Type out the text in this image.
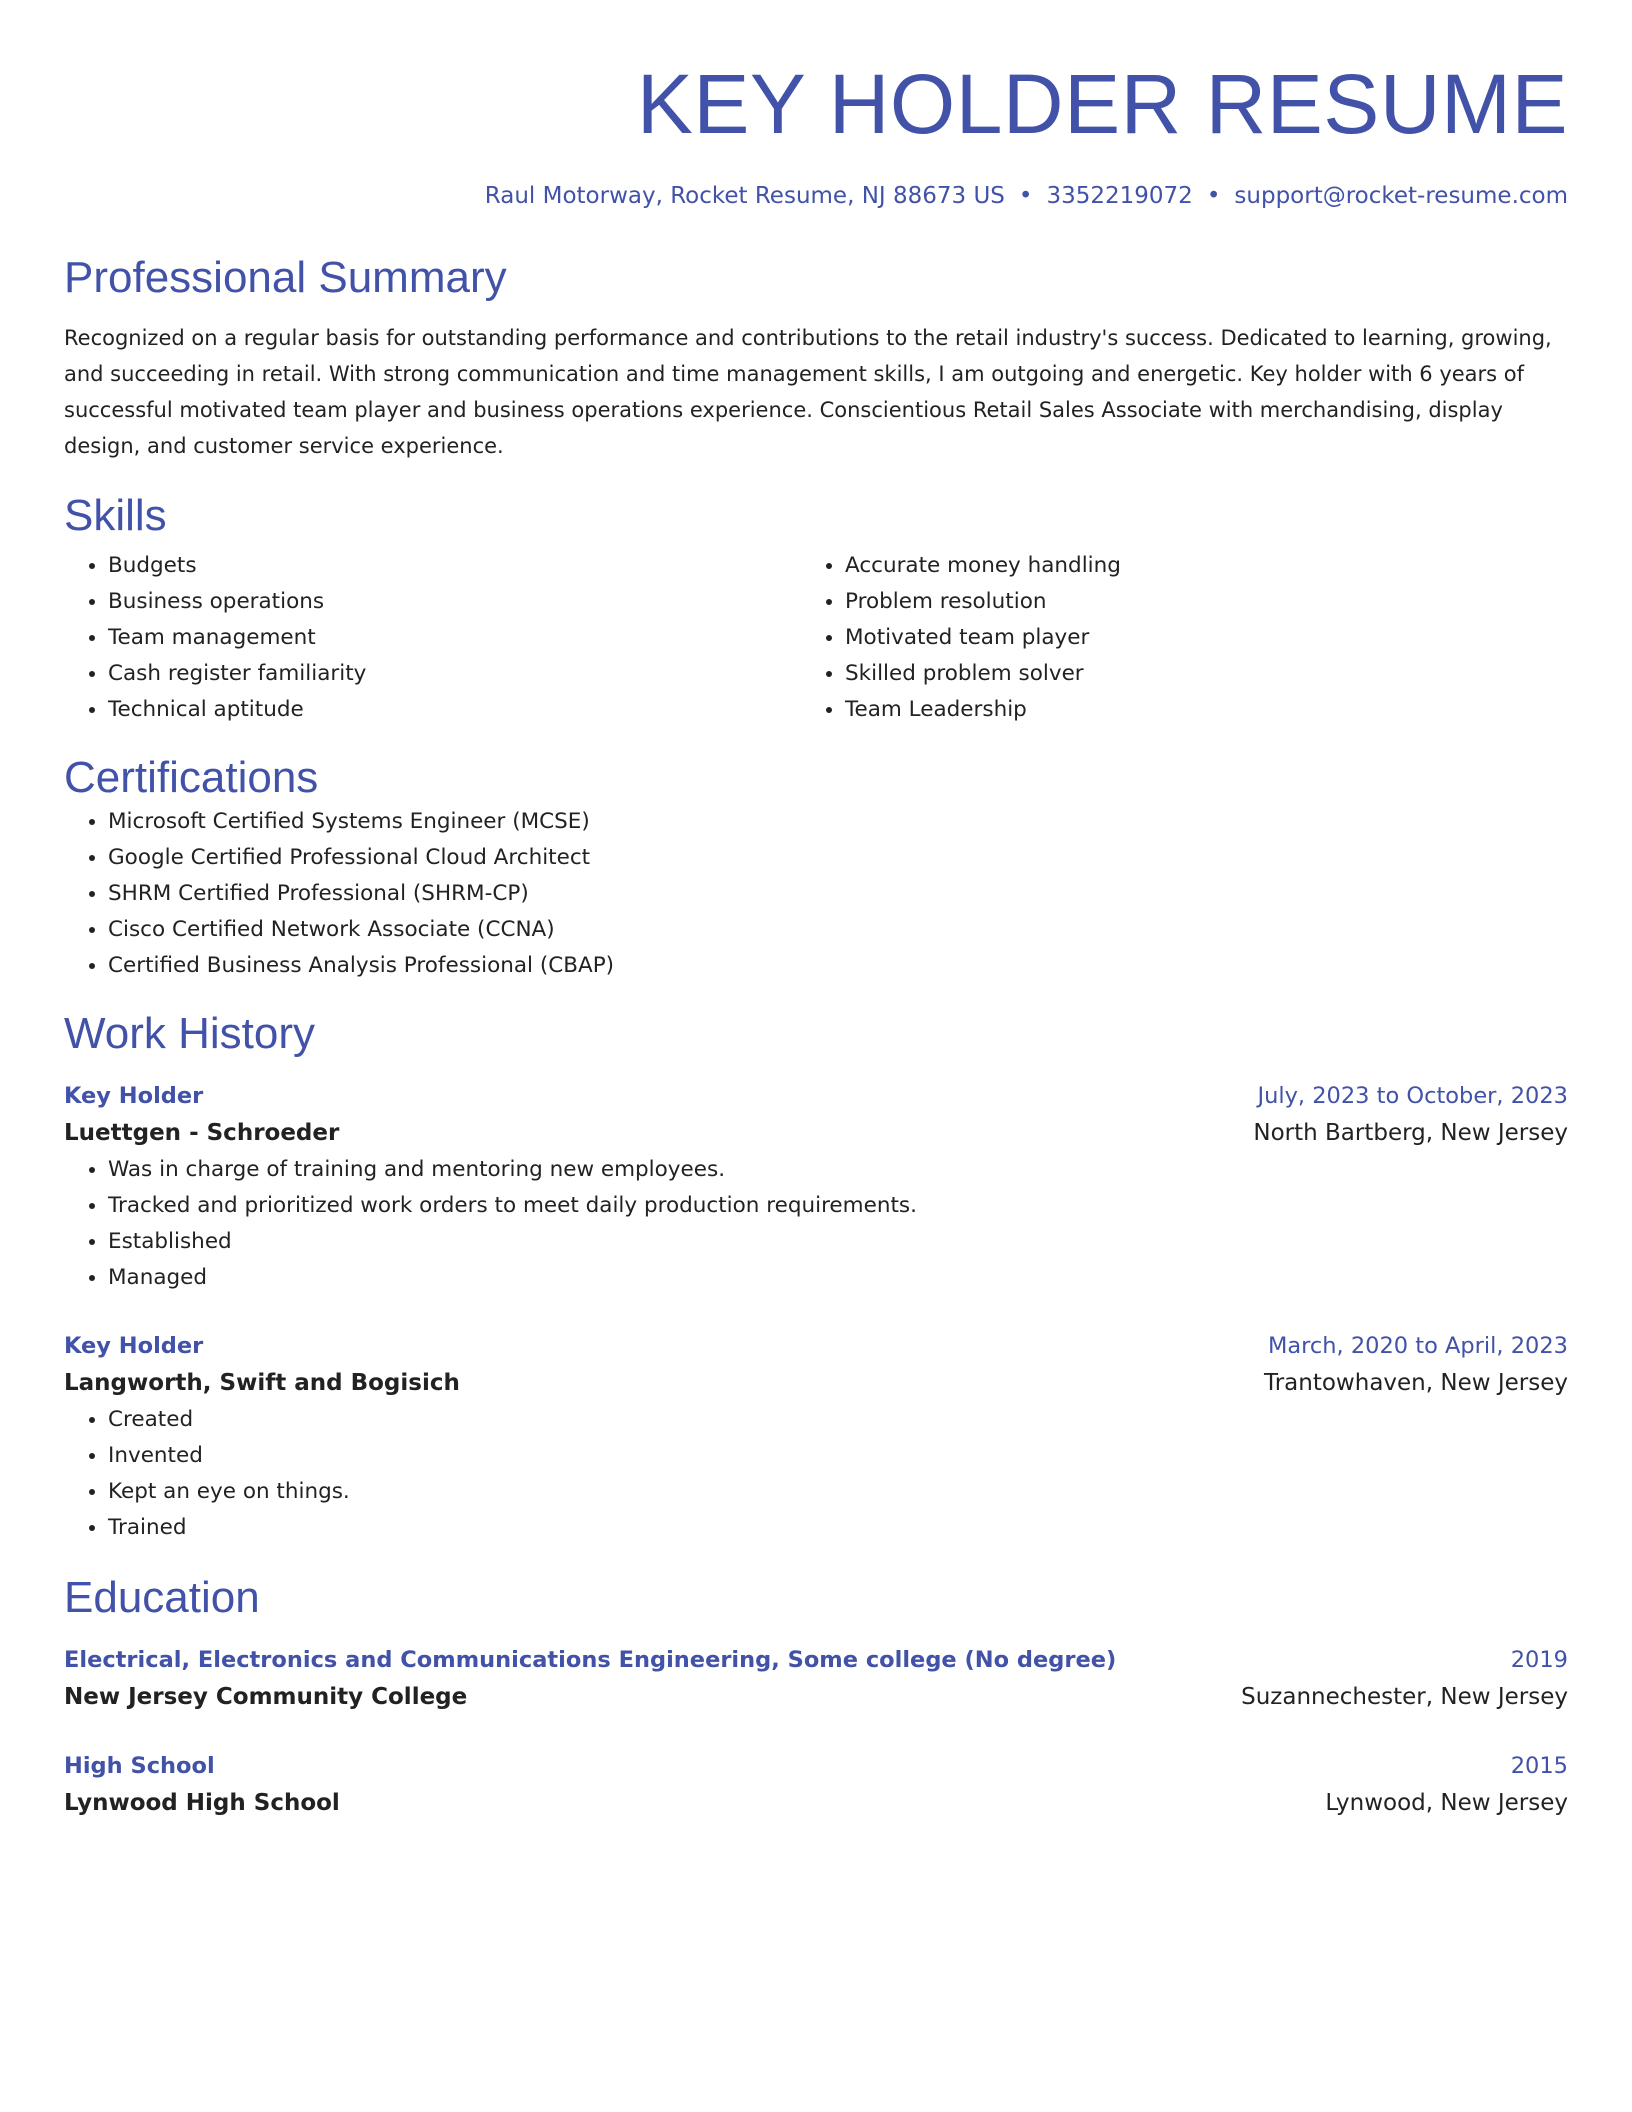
KEY HOLDER RESUME
Raul Motorway, Rocket Resume, NJ 88673 US • 3352219072 • support@rocket-resume.com
Professional Summary

Recognized on a regular basis for outstanding performance and contributions to the retail industry's success. Dedicated to learning, growing, and succeeding in retail. With strong communication and time management skills, I am outgoing and energetic. Key holder with 6 years of successful motivated team player and business operations experience. Conscientious Retail Sales Associate with merchandising, display design, and customer service experience.

Skills
• Budgets
• Business operations
• Team management
• Cash register familiarity
• Technical aptitude
• Accurate money handling
• Problem resolution
• Motivated team player
• Skilled problem solver
• Team Leadership
Certifications
• Microsoft Certified Systems Engineer (MCSE)
• Google Certified Professional Cloud Architect
• SHRM Certified Professional (SHRM-CP)
• Cisco Certified Network Associate (CCNA)
• Certified Business Analysis Professional (CBAP)
Work History
Key Holder	July, 2023 to October, 2023
Luettgen - Schroeder	North Bartberg, New Jersey
• Was in charge of training and mentoring new employees.
• Tracked and prioritized work orders to meet daily production requirements.
• Established
• Managed
Key Holder	March, 2020 to April, 2023
Langworth, Swift and Bogisich	Trantowhaven, New Jersey
• Created
• Invented
• Kept an eye on things.
• Trained
Education
Electrical, Electronics and Communications Engineering, Some college (No degree)	2019
New Jersey Community College	Suzannechester, New Jersey
High School	2015
Lynwood High School	Lynwood, New Jersey
